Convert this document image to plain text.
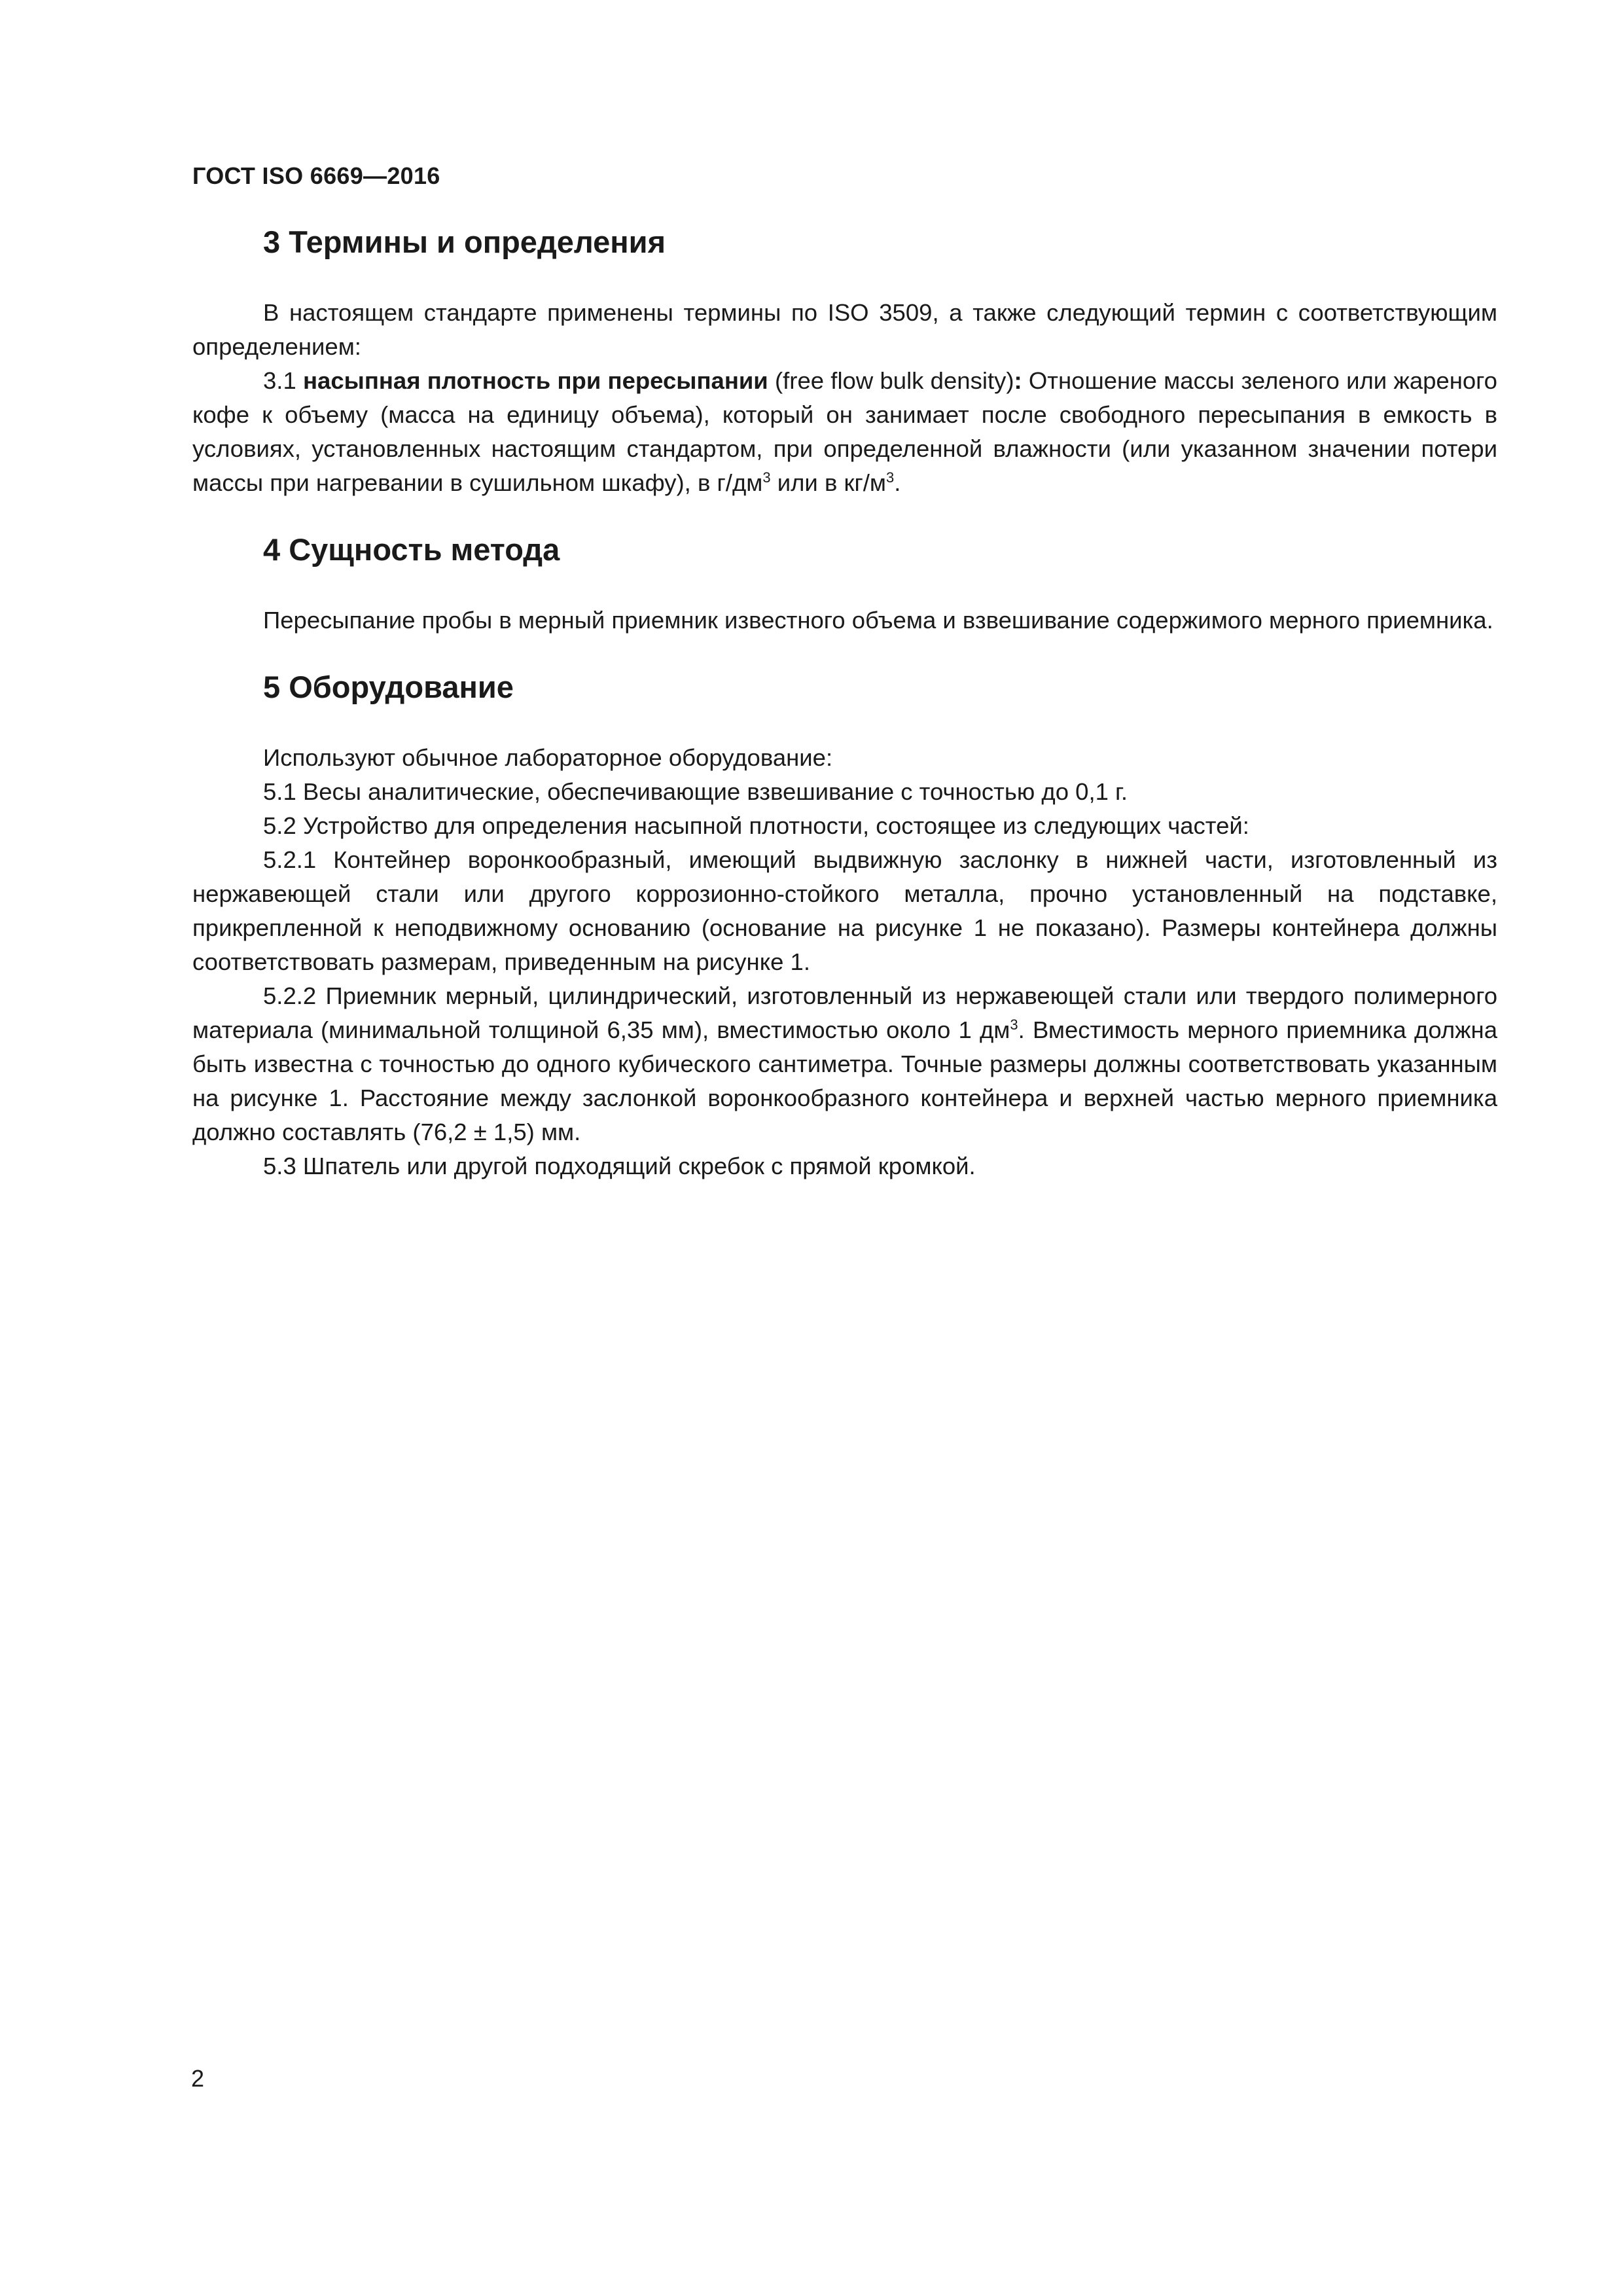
ГОСТ ISO 6669—2016
3 Термины и определения

В настоящем стандарте применены термины по ISO 3509, а также следующий термин с соответствующим определением:

3.1 насыпная плотность при пересыпании (free flow bulk density): Отношение массы зеленого или жареного кофе к объему (масса на единицу объема), который он занимает после свободного пересыпания в емкость в условиях, установленных настоящим стандартом, при определенной влажности (или указанном значении потери массы при нагревании в сушильном шкафу), в $г/дм^3$ или в $кг/м^3$.

4 Сущность метода

Пересыпание пробы в мерный приемник известного объема и взвешивание содержимого мерного приемника.

5 Оборудование

Используют обычное лабораторное оборудование:

5.1 Весы аналитические, обеспечивающие взвешивание с точностью до 0,1 г.

5.2 Устройство для определения насыпной плотности, состоящее из следующих частей:

5.2.1 Контейнер воронкообразный, имеющий выдвижную заслонку в нижней части, изготовленный из нержавеющей стали или другого коррозионно-стойкого металла, прочно установленный на подставке, прикрепленной к неподвижному основанию (основание на рисунке 1 не показано). Размеры контейнера должны соответствовать размерам, приведенным на рисунке 1.

5.2.2 Приемник мерный, цилиндрический, изготовленный из нержавеющей стали или твердого полимерного материала (минимальной толщиной 6,35 мм), вместимостью около 1 $дм^3$. Вместимость мерного приемника должна быть известна с точностью до одного кубического сантиметра. Точные размеры должны соответствовать указанным на рисунке 1. Расстояние между заслонкой воронкообразного контейнера и верхней частью мерного приемника должно составлять (76,2 ± 1,5) мм.

5.3 Шпатель или другой подходящий скребок с прямой кромкой.

2
